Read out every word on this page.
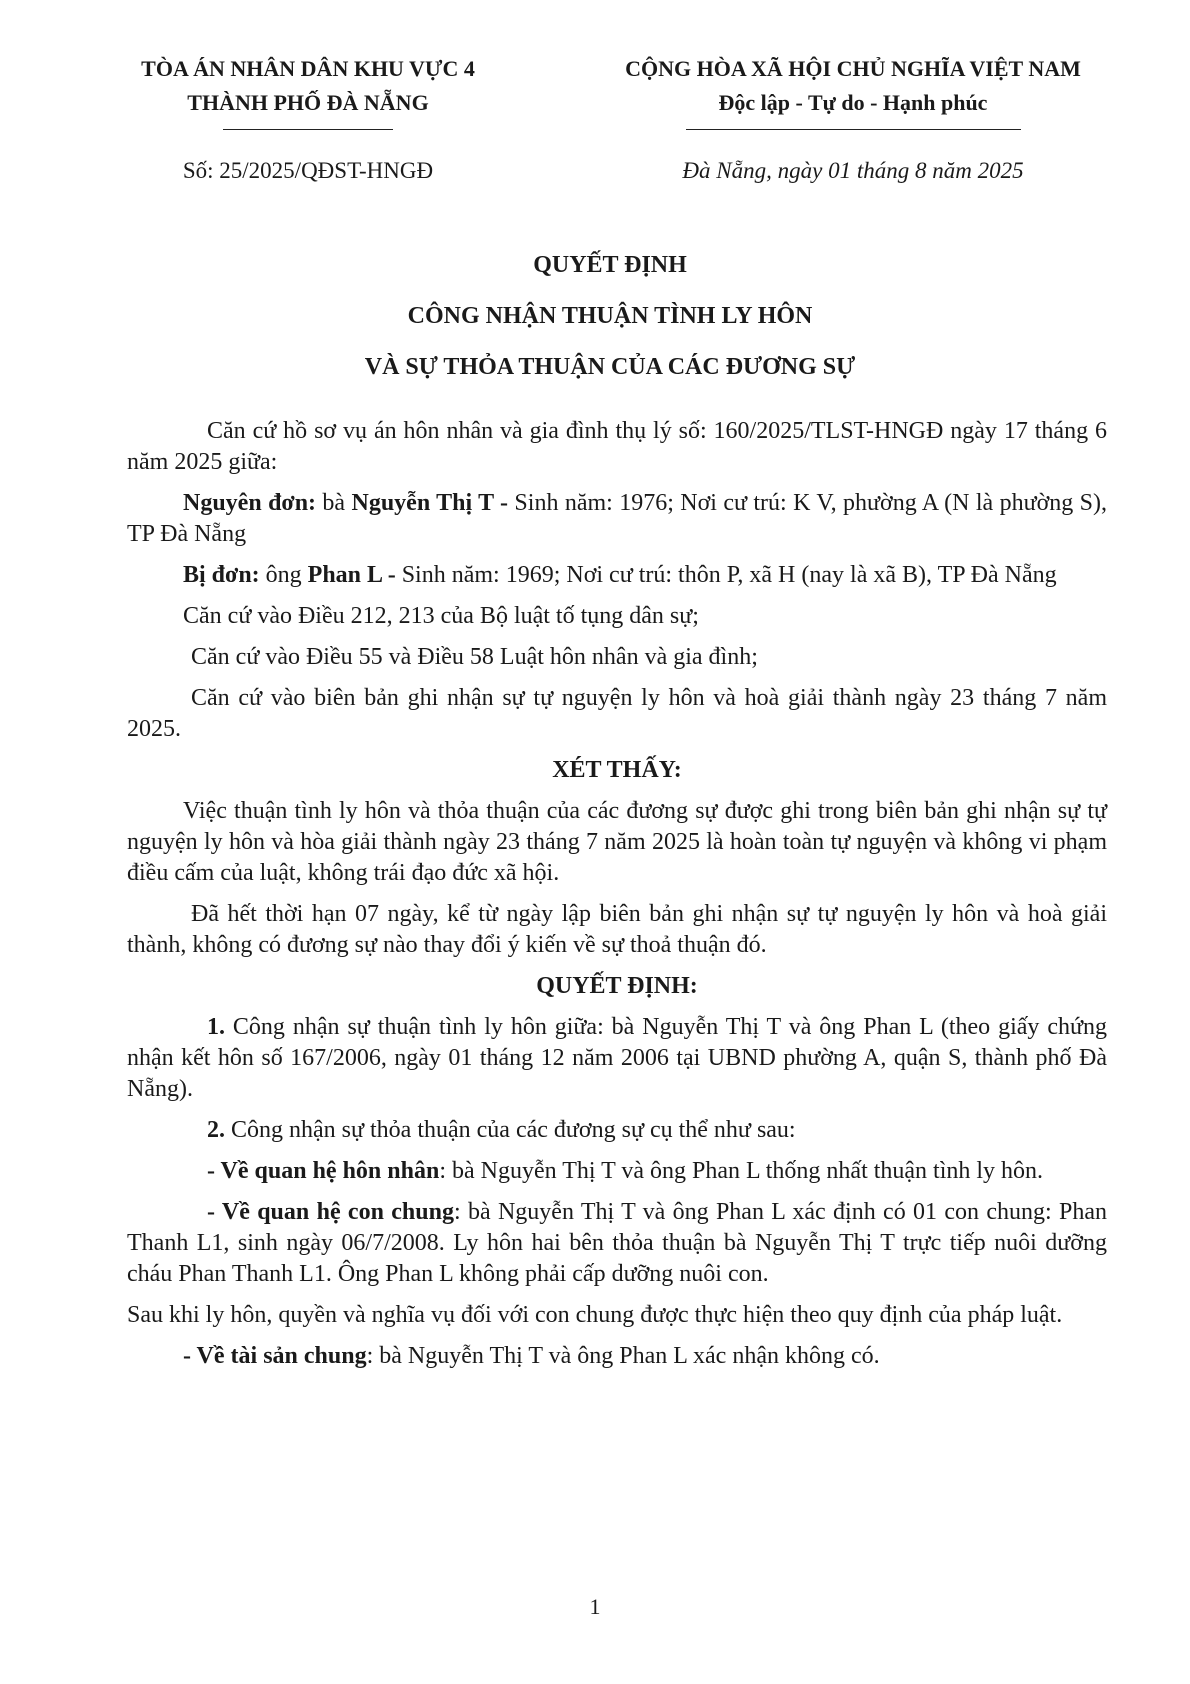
TÒA ÁN NHÂN DÂN KHU VỰC 4
THÀNH PHỐ ĐÀ NẴNG
CỘNG HÒA XÃ HỘI CHỦ NGHĨA VIỆT NAM
Độc lập - Tự do - Hạnh phúc
Số: 25/2025/QĐST-HNGĐ	Đà Nẵng, ngày 01 tháng 8 năm 2025
QUYẾT ĐỊNH
CÔNG NHẬN THUẬN TÌNH LY HÔN
VÀ SỰ THỎA THUẬN CỦA CÁC ĐƯƠNG SỰ

Căn cứ hồ sơ vụ án hôn nhân và gia đình thụ lý số: 160/2025/TLST-HNGĐ ngày 17 tháng 6 năm 2025 giữa:

Nguyên đơn: bà Nguyễn Thị T - Sinh năm: 1976; Nơi cư trú: K V, phường A (N là phường S), TP Đà Nẵng

Bị đơn: ông Phan L - Sinh năm: 1969; Nơi cư trú: thôn P, xã H (nay là xã B), TP Đà Nẵng

Căn cứ vào Điều 212, 213 của Bộ luật tố tụng dân sự;

Căn cứ vào Điều 55 và Điều 58 Luật hôn nhân và gia đình;

Căn cứ vào biên bản ghi nhận sự tự nguyện ly hôn và hoà giải thành ngày 23 tháng 7 năm 2025.

XÉT THẤY:

Việc thuận tình ly hôn và thỏa thuận của các đương sự được ghi trong biên bản ghi nhận sự tự nguyện ly hôn và hòa giải thành ngày 23 tháng 7 năm 2025 là hoàn toàn tự nguyện và không vi phạm điều cấm của luật, không trái đạo đức xã hội.

Đã hết thời hạn 07 ngày, kể từ ngày lập biên bản ghi nhận sự tự nguyện ly hôn và hoà giải thành, không có đương sự nào thay đổi ý kiến về sự thoả thuận đó.

QUYẾT ĐỊNH:

1. Công nhận sự thuận tình ly hôn giữa: bà Nguyễn Thị T và ông Phan L (theo giấy chứng nhận kết hôn số 167/2006, ngày 01 tháng 12 năm 2006 tại UBND phường A, quận S, thành phố Đà Nẵng).

2. Công nhận sự thỏa thuận của các đương sự cụ thể như sau:

- Về quan hệ hôn nhân: bà Nguyễn Thị T và ông Phan L thống nhất thuận tình ly hôn.

- Về quan hệ con chung: bà Nguyễn Thị T và ông Phan L xác định có 01 con chung: Phan Thanh L1, sinh ngày 06/7/2008. Ly hôn hai bên thỏa thuận bà Nguyễn Thị T trực tiếp nuôi dưỡng cháu Phan Thanh L1. Ông Phan L không phải cấp dưỡng nuôi con.

Sau khi ly hôn, quyền và nghĩa vụ đối với con chung được thực hiện theo quy định của pháp luật.

- Về tài sản chung: bà Nguyễn Thị T và ông Phan L xác nhận không có.

1
